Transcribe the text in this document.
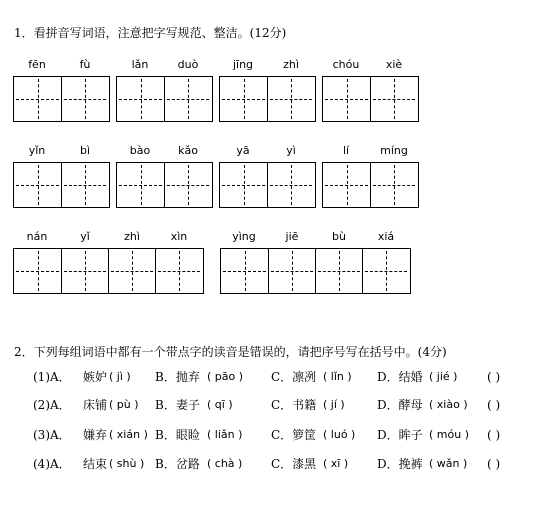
1．看拼音写词语，注意把字写规范、整洁。(12分)
fēn	fù	lǎn	duò	jīng	zhì	chóu	xiè
yǐn	bì	bào	kǎo	yā	yì	lí	míng
nán	yǐ	zhì	xìn	yìng	jiē	bù	xiá
2．下列每组词语中都有一个带点字的读音是错误的，请把序号写在括号中。(4分)
(1)A． 嫉妒 ( jì ) B．抛弃 ( pāo ) C．凛冽 ( lǐn ) D．结婚 ( jié ) ( )
(2)A． 床铺 ( pù ) B．妻子 ( qī )	C．书籍 ( jí )	D．酵母 ( xiào ) ( )
(3)A． 嫌弃 ( xián ) B．眼睑 ( liǎn ) C．箩筐 ( luó ) D．眸子 ( móu ) ( )
(4)A． 结束 ( shù ) B．岔路 ( chà ) C．漆黑 ( xī ) D．挽裤 ( wǎn ) ( )
